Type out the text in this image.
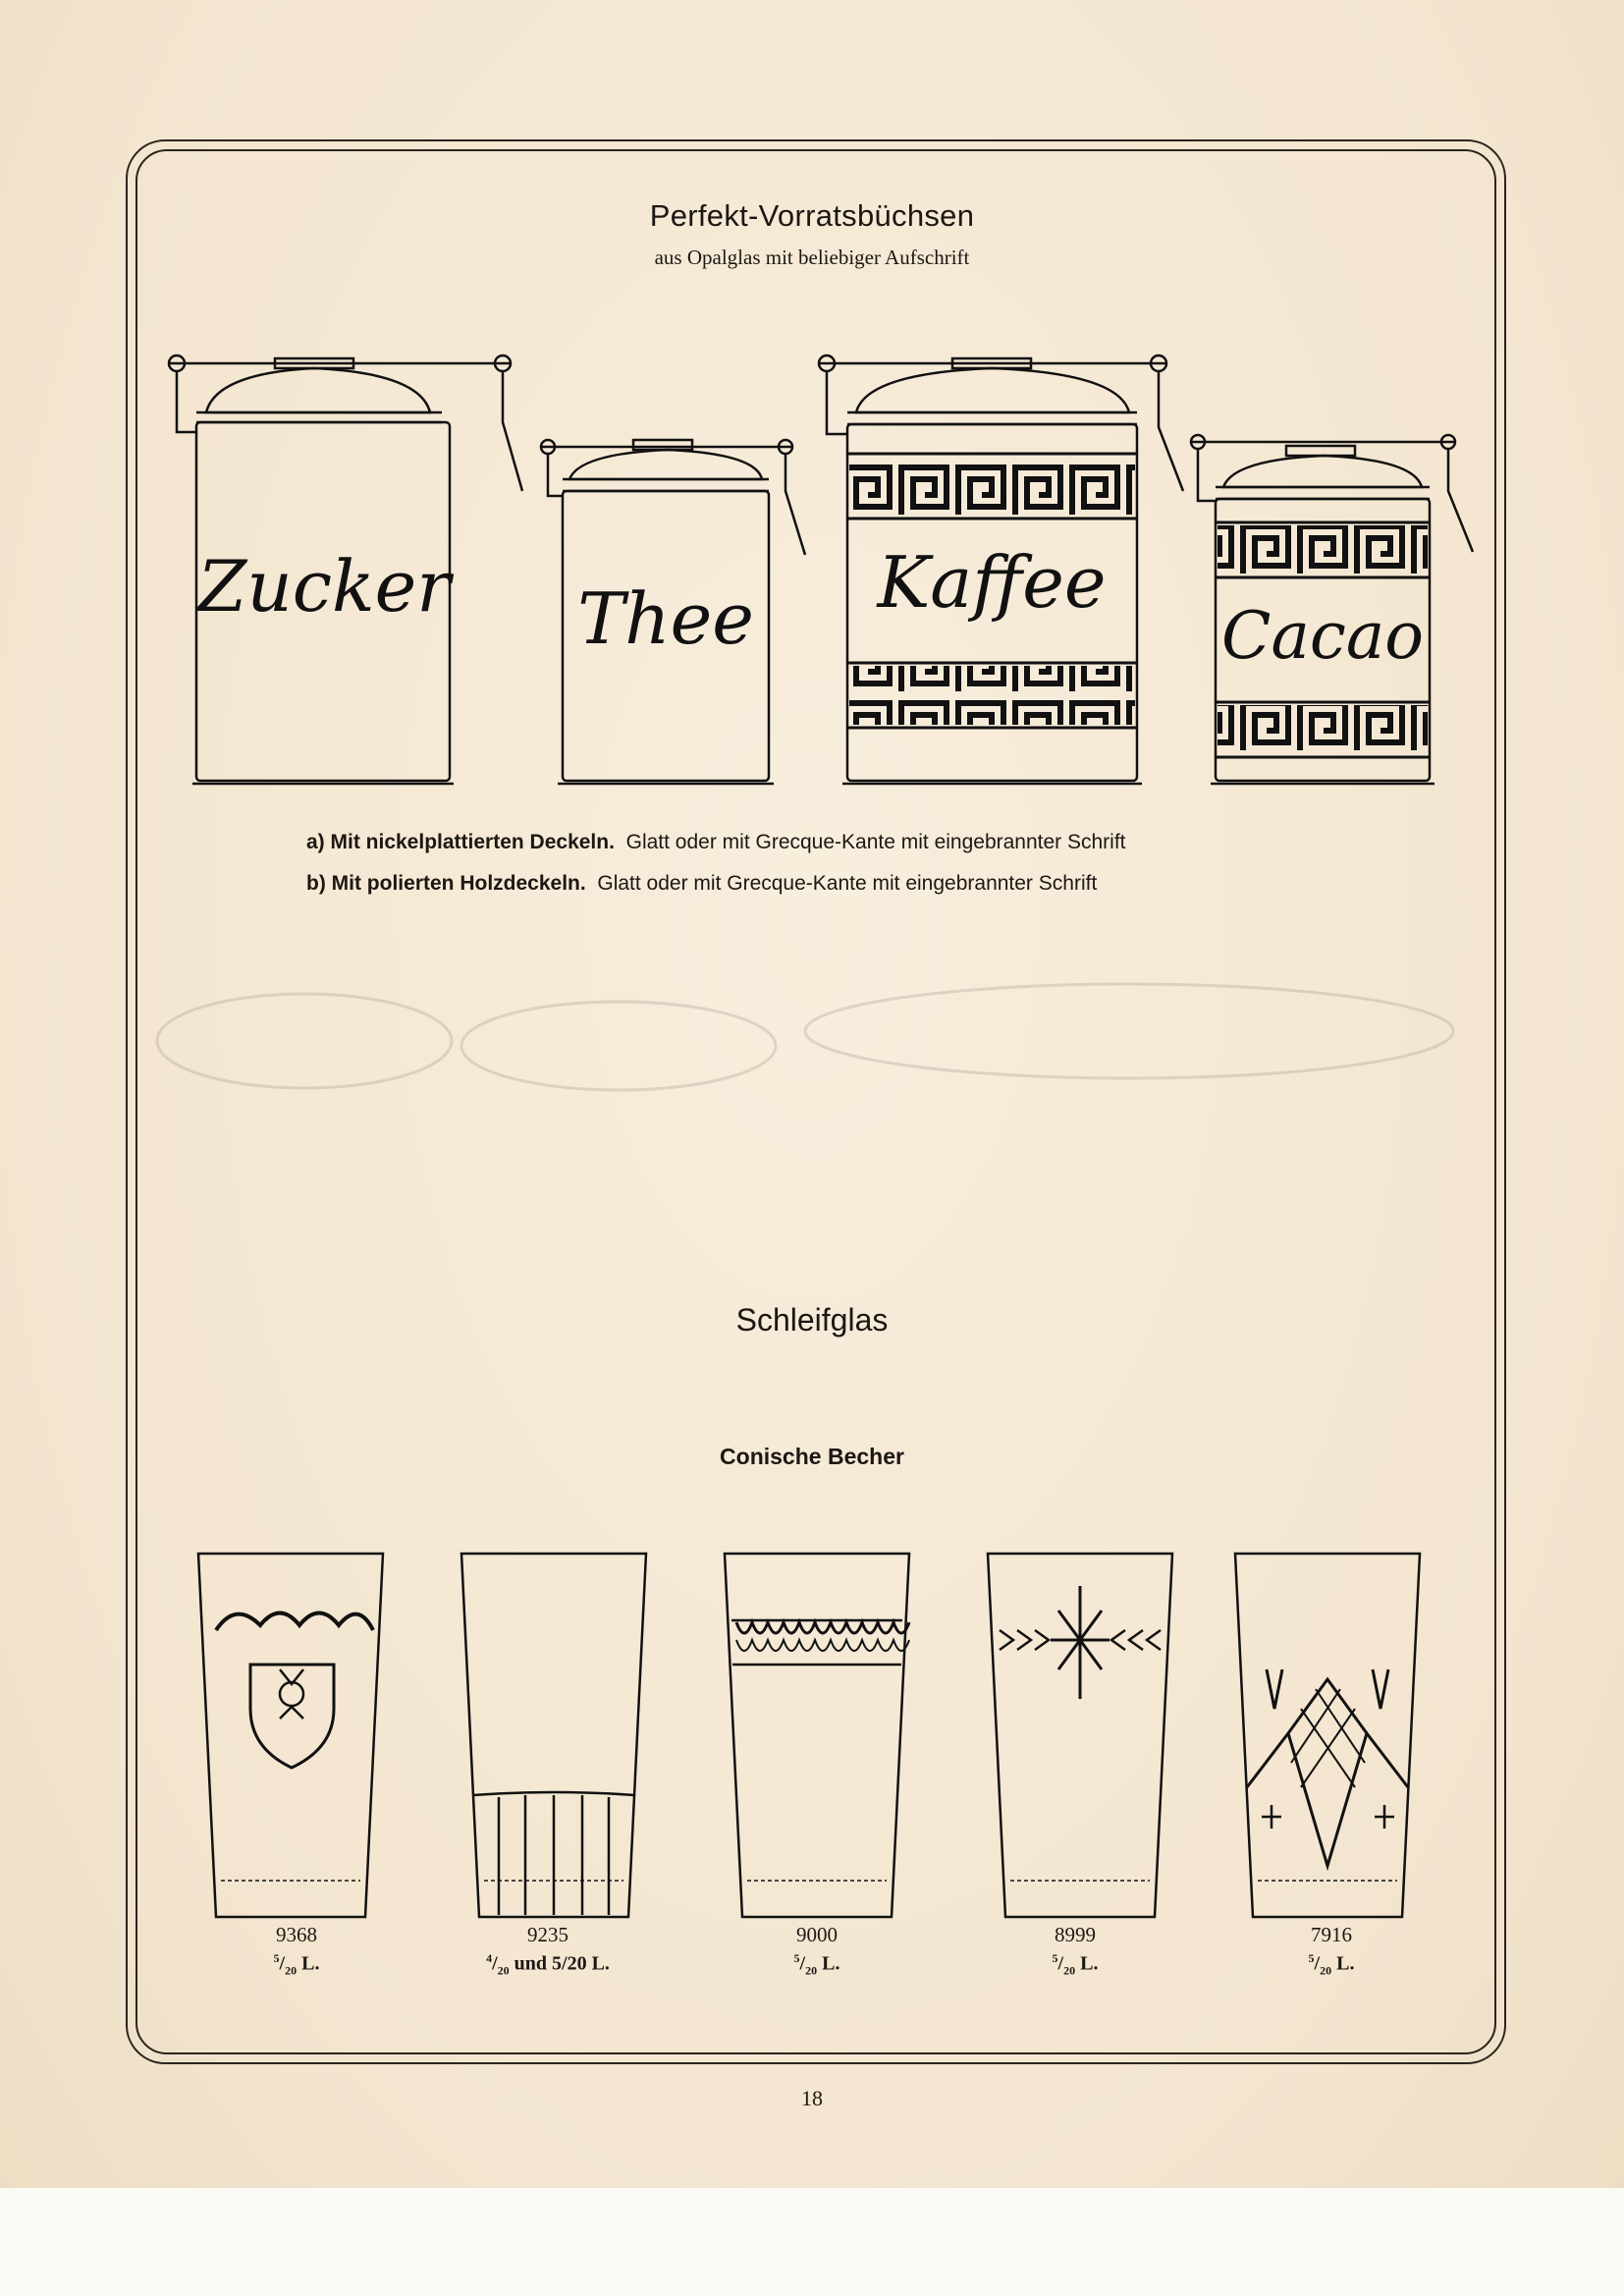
Perfekt-Vorratsbüchsen
aus Opalglas mit beliebiger Aufschrift
Zucker Thee Kaffee
Cacao
a) Mit nickelplattierten Deckeln. Glatt oder mit Grecque-Kante mit eingebrannter Schrift
b) Mit polierten Holzdeckeln. Glatt oder mit Grecque-Kante mit eingebrannter Schrift
Schleifglas
Conische Becher
9368
$^5/_{20}$ L.
9235
$^4/_{20}$ und 5/20 L.
9000
$^5/_{20}$ L.
8999
$^5/_{20}$ L.
7916
$^5/_{20}$ L.
18
